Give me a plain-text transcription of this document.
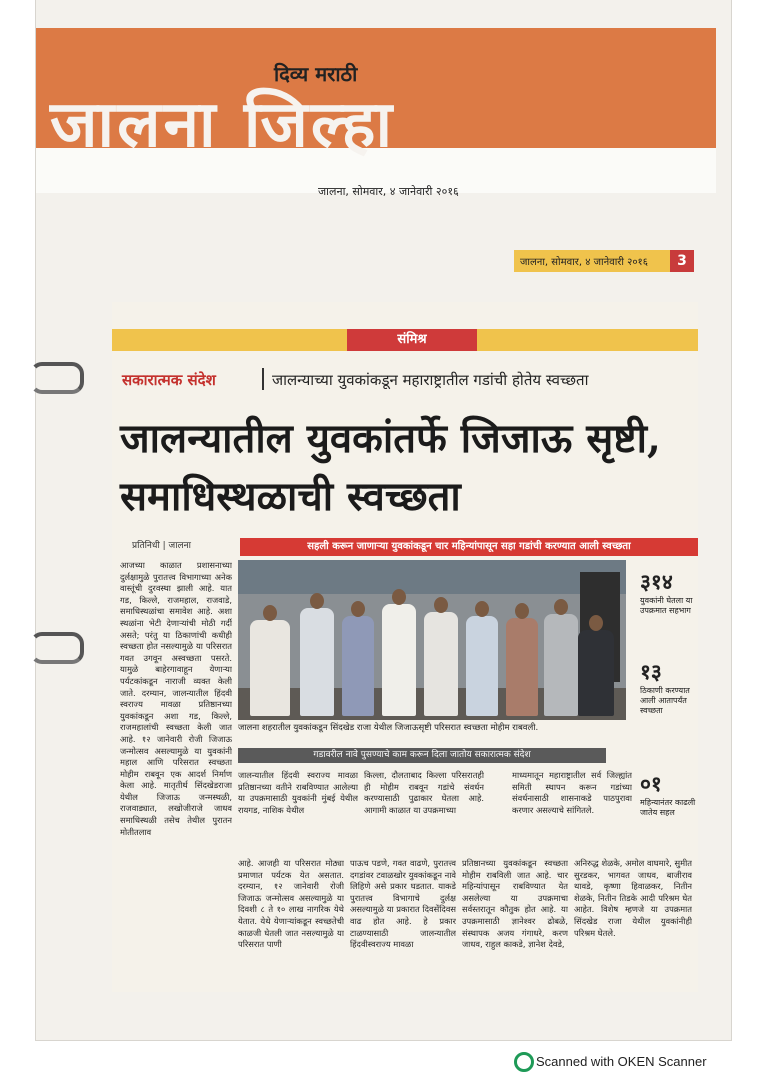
दिव्य मराठी
जालना जिल्हा
जालना, सोमवार, ४ जानेवारी २०१६
जालना, सोमवार, ४ जानेवारी २०१६	3
संमिश्र
सकारात्मक संदेश	जालन्याच्या युवकांकडून महाराष्ट्रातील गडांची होतेय स्वच्छता
जालन्यातील युवकांतर्फे जिजाऊ सृष्टी, समाधिस्थळाची स्वच्छता
प्रतिनिधी | जालना	सहली करून जाणाऱ्या युवकांकडून चार महिन्यांपासून सहा गडांची करण्यात आली स्वच्छता
आजच्या काळात प्रशासनाच्या दुर्लक्षामुळे पुरातत्त्व विभागाच्या अनेक वास्तूंची दुरवस्था झाली आहे. यात गड, किल्ले, राजमहाल, राजवाडे, समाधिस्थळांचा समावेश आहे. अशा स्थळांना भेटी देणाऱ्यांची मोठी गर्दी असते; परंतु या ठिकाणांची कधीही स्वच्छता होत नसल्यामुळे या परिसरात गवत उगवून अस्वच्छता पसरते. यामुळे बाहेरगावाहून येणाऱ्या पर्यटकांकडून नाराजी व्यक्त केली जाते. दरम्यान, जालन्यातील हिंदवी स्वराज्य मावळा प्रतिष्ठानच्या युवकांकडून अशा गड, किल्ले, राजमहालांची स्वच्छता केली जात आहे. १२ जानेवारी रोजी जिजाऊ जन्मोत्सव असल्यामुळे या युवकांनी महाल आणि परिसरात स्वच्छता मोहीम राबवून एक आदर्श निर्माण केला आहे. मातृतीर्थ सिंदखेडराजा येथील जिजाऊ जन्मस्थळी, राजवाड्यात, लखोजीराजे जाधव समाधिस्थळी तसेच तेथील पुरातन मोतीतलाव
जालना शहरातील युवकांकडून सिंदखेड राजा येथील जिजाऊसृष्टी परिसरात स्वच्छता मोहीम राबवली.
गडावरील नावे पुसण्याचे काम करून दिला जातोय सकारात्मक संदेश
जालन्यातील हिंदवी स्वराज्य मावळा प्रतिष्ठानच्या वतीने राबविण्यात आलेल्या या उपक्रमासाठी युवकांनी मुंबई येथील रायगड, नाशिक येथील
किल्ला, दौलताबाद किल्ला परिसरातही ही मोहीम राबवून गडांचे संवर्धन करण्यासाठी पुढाकार घेतला आहे. आगामी काळात या उपक्रमाच्या
माध्यमातून महाराष्ट्रातील सर्व जिल्ह्यांत समिती स्थापन करून गडांच्या संवर्धनासाठी शासनाकडे पाठपुरावा करणार असल्याचे सांगितले.
३१४
युवकांनी घेतला या उपक्रमात सहभाग
१३
ठिकाणी करण्यात आली आतापर्यंत स्वच्छता
०१
महिन्यानंतर काढली जातेय सहल
आहे. आजही या परिसरात मोठ्या प्रमाणात पर्यटक येत असतात. दरम्यान, १२ जानेवारी रोजी जिजाऊ जन्मोत्सव असल्यामुळे या दिवशी ८ ते १० लाख नागरिक येथे येतात. येथे येणाऱ्यांकडून स्वच्छतेची काळजी घेतली जात नसल्यामुळे या परिसरात पाणी
पाऊच पडणे, गवत वाढणे, पुरातत्त्व दगडांवर टवाळखोर युवकांकडून नावे लिहिणे असे प्रकार घडतात. याकडे पुरातत्त्व विभागाचे दुर्लक्ष असल्यामुळे या प्रकारात दिवसेंदिवस वाढ होत आहे. हे प्रकार टाळण्यासाठी जालन्यातील हिंदवीस्वराज्य मावळा
प्रतिष्ठानच्या युवकांकडून स्वच्छता मोहीम राबविली जात आहे. चार महिन्यांपासून राबविण्यात येत असलेल्या या उपक्रमाचा सर्वस्तरातून कौतुक होत आहे. या उपक्रमासाठी ज्ञानेश्वर ढोबळे, संस्थापक अजय गंगाधरे, करण जाधव, राहुल काकडे, ज्ञानेश देवडे,
अनिरुद्ध शेळके, अमोल वाघमारे, सुमीत सुरडकर, भागवत जाधव, बाजीराव थावडे, कृष्णा हिवाळकर, नितीन शेळके, नितीन तिडके आदी परिश्रम घेत आहेत. विशेष म्हणजे या उपक्रमात सिंदखेड राजा येथील युवकांनीही परिश्रम घेतले.
Scanned with OKEN Scanner
